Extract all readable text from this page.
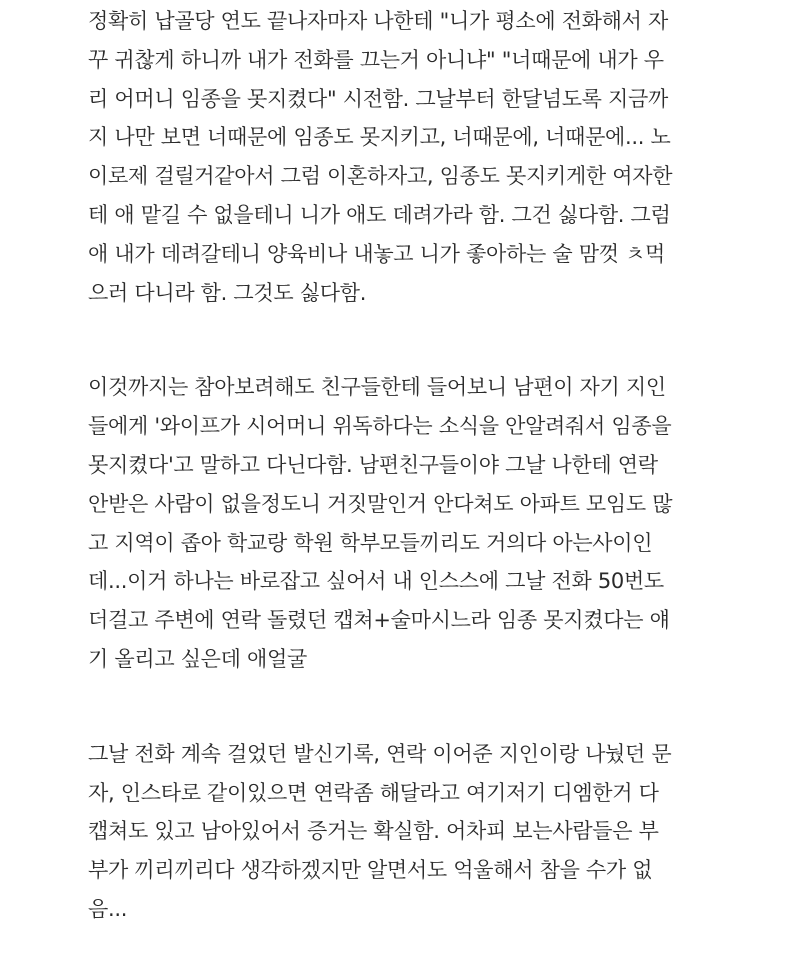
정확히 납골당 연도 끝나자마자 나한테 "니가 평소에 전화해서 자
꾸 귀찮게 하니까 내가 전화를 끄는거 아니냐" "너때문에 내가 우
리 어머니 임종을 못지켰다" 시전함. 그날부터 한달넘도록 지금까
지 나만 보면 너때문에 임종도 못지키고, 너때문에, 너때문에... 노
이로제 걸릴거같아서 그럼 이혼하자고, 임종도 못지키게한 여자한
테 애 맡길 수 없을테니 니가 애도 데려가라 함. 그건 싫다함. 그럼
애 내가 데려갈테니 양육비나 내놓고 니가 좋아하는 술 맘껏 ㅊ먹
으러 다니라 함. 그것도 싫다함.
이것까지는 참아보려해도 친구들한테 들어보니 남편이 자기 지인
들에게 '와이프가 시어머니 위독하다는 소식을 안알려줘서 임종을
못지켰다'고 말하고 다닌다함. 남편친구들이야 그날 나한테 연락
안받은 사람이 없을정도니 거짓말인거 안다쳐도 아파트 모임도 많
고 지역이 좁아 학교랑 학원 학부모들끼리도 거의다 아는사이인
데...이거 하나는 바로잡고 싶어서 내 인스스에 그날 전화 50번도
더걸고 주변에 연락 돌렸던 캡쳐+술마시느라 임종 못지켰다는 얘
기 올리고 싶은데 애얼굴
그날 전화 계속 걸었던 발신기록, 연락 이어준 지인이랑 나눴던 문
자, 인스타로 같이있으면 연락좀 해달라고 여기저기 디엠한거 다
캡쳐도 있고 남아있어서 증거는 확실함. 어차피 보는사람들은 부
부가 끼리끼리다 생각하겠지만 알면서도 억울해서 참을 수가 없
음...
